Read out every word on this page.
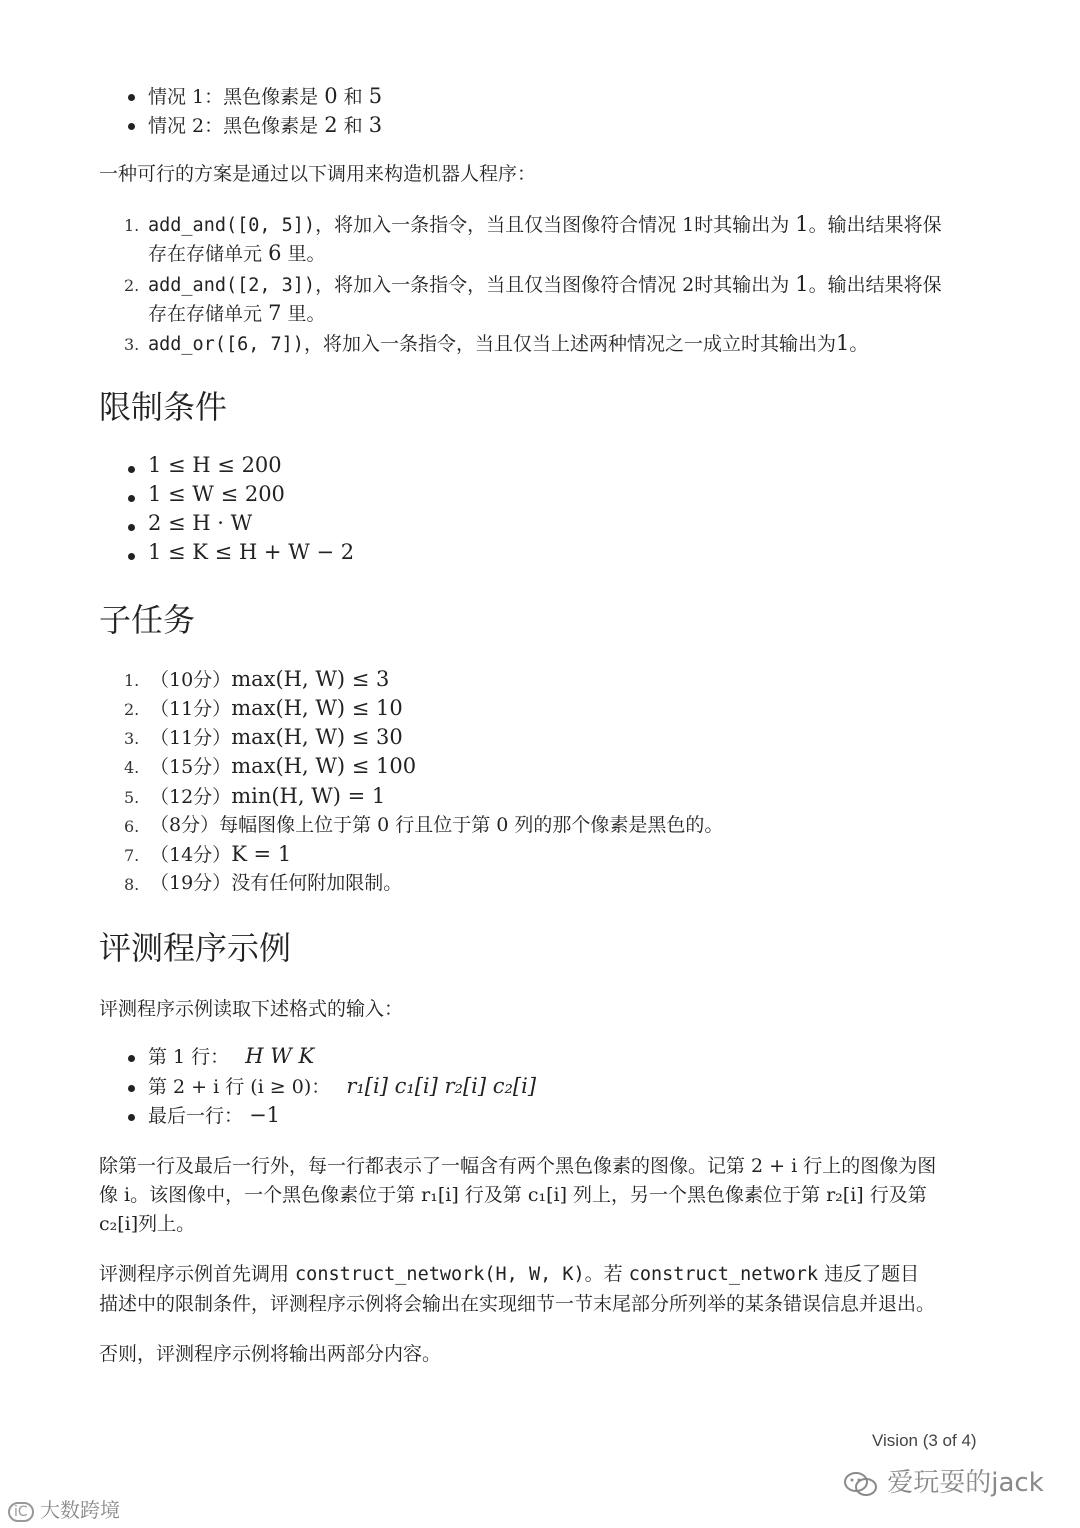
情况 1：黑色像素是 0 和 5
情况 2：黑色像素是 2 和 3
一种可行的方案是通过以下调用来构造机器人程序：
1. add_and([0, 5])，将加入一条指令，当且仅当图像符合情况 1时其输出为 1。输出结果将保
存在存储单元 6 里。
2. add_and([2, 3])，将加入一条指令，当且仅当图像符合情况 2时其输出为 1。输出结果将保
存在存储单元 7 里。
3. add_or([6, 7])，将加入一条指令，当且仅当上述两种情况之一成立时其输出为1。
限制条件
1 ≤ H ≤ 200
1 ≤ W ≤ 200
2 ≤ H · W
1 ≤ K ≤ H + W − 2
子任务
1. （10分）max(H, W) ≤ 3
2. （11分）max(H, W) ≤ 10
3. （11分）max(H, W) ≤ 30
4. （15分）max(H, W) ≤ 100
5. （12分）min(H, W) = 1
6. （8分）每幅图像上位于第 0 行且位于第 0 列的那个像素是黑色的。
7. （14分）K = 1
8. （19分）没有任何附加限制。
评测程序示例
评测程序示例读取下述格式的输入：
第 1 行： H W K
第 2 + i 行 (i ≥ 0)： r₁[i] c₁[i] r₂[i] c₂[i]
最后一行： −1
除第一行及最后一行外，每一行都表示了一幅含有两个黑色像素的图像。记第 2 + i 行上的图像为图
像 i。该图像中，一个黑色像素位于第 r₁[i] 行及第 c₁[i] 列上，另一个黑色像素位于第 r₂[i] 行及第
c₂[i]列上。
评测程序示例首先调用 construct_network(H, W, K)。若 construct_network 违反了题目
描述中的限制条件，评测程序示例将会输出在实现细节一节末尾部分所列举的某条错误信息并退出。
否则，评测程序示例将输出两部分内容。
Vision (3 of 4)
爱玩耍的jack
iC 大数跨境
